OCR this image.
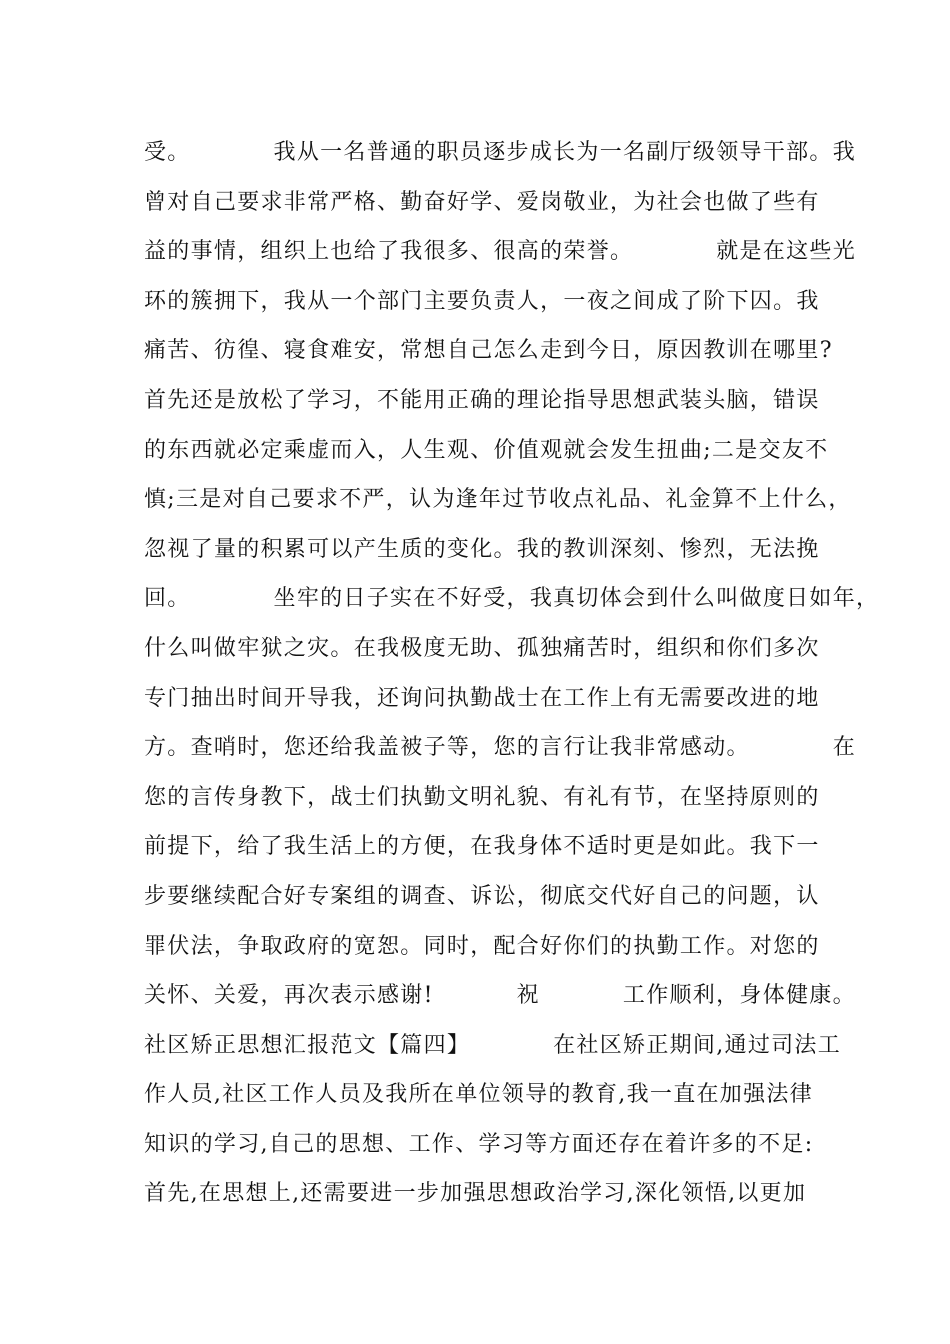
受。          我从一名普通的职员逐步成长为一名副厅级领导干部。我
曾对自己要求非常严格、勤奋好学、爱岗敬业，为社会也做了些有
益的事情，组织上也给了我很多、很高的荣誉。          就是在这些光
环的簇拥下，我从一个部门主要负责人，一夜之间成了阶下囚。我
痛苦、彷徨、寝食难安，常想自己怎么走到今日，原因教训在哪里?
首先还是放松了学习，不能用正确的理论指导思想武装头脑，错误
的东西就必定乘虚而入，人生观、价值观就会发生扭曲;二是交友不
慎;三是对自己要求不严，认为逢年过节收点礼品、礼金算不上什么，
忽视了量的积累可以产生质的变化。我的教训深刻、惨烈，无法挽
回。          坐牢的日子实在不好受，我真切体会到什么叫做度日如年，
什么叫做牢狱之灾。在我极度无助、孤独痛苦时，组织和你们多次
专门抽出时间开导我，还询问执勤战士在工作上有无需要改进的地
方。查哨时，您还给我盖被子等，您的言行让我非常感动。          在
您的言传身教下，战士们执勤文明礼貌、有礼有节，在坚持原则的
前提下，给了我生活上的方便，在我身体不适时更是如此。我下一
步要继续配合好专案组的调查、诉讼，彻底交代好自己的问题，认
罪伏法，争取政府的宽恕。同时，配合好你们的执勤工作。对您的
关怀、关爱，再次表示感谢!          祝          工作顺利，身体健康。
社区矫正思想汇报范文【篇四】          在社区矫正期间,通过司法工
作人员,社区工作人员及我所在单位领导的教育,我一直在加强法律
知识的学习,自己的思想、工作、学习等方面还存在着许多的不足:
首先,在思想上,还需要进一步加强思想政治学习,深化领悟,以更加
